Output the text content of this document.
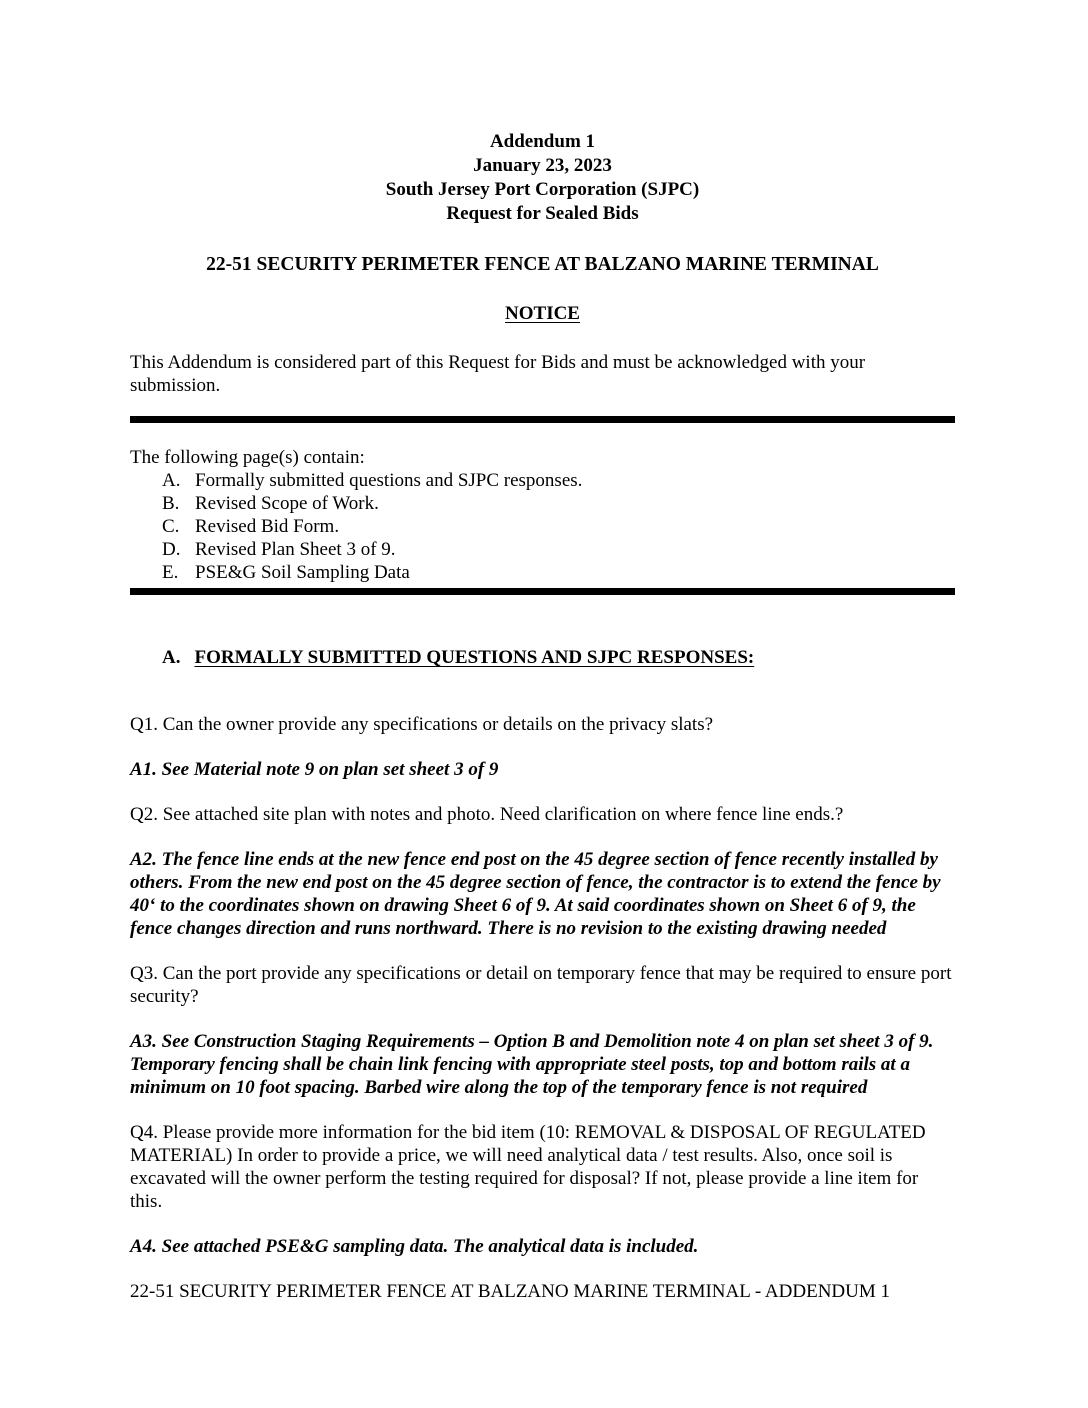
Addendum 1
January 23, 2023
South Jersey Port Corporation (SJPC)
Request for Sealed Bids
22-51 SECURITY PERIMETER FENCE AT BALZANO MARINE TERMINAL
NOTICE

This Addendum is considered part of this Request for Bids and must be acknowledged with your submission.

The following page(s) contain:
A. Formally submitted questions and SJPC responses.
B. Revised Scope of Work.
C. Revised Bid Form.
D. Revised Plan Sheet 3 of 9.
E. PSE&G Soil Sampling Data
A. FORMALLY SUBMITTED QUESTIONS AND SJPC RESPONSES:

Q1. Can the owner provide any specifications or details on the privacy slats?

A1. See Material note 9 on plan set sheet 3 of 9

Q2. See attached site plan with notes and photo. Need clarification on where fence line ends.?

A2. The fence line ends at the new fence end post on the 45 degree section of fence recently installed by others. From the new end post on the 45 degree section of fence, the contractor is to extend the fence by 40‘ to the coordinates shown on drawing Sheet 6 of 9. At said coordinates shown on Sheet 6 of 9, the fence changes direction and runs northward. There is no revision to the existing drawing needed

Q3. Can the port provide any specifications or detail on temporary fence that may be required to ensure port security?

A3. See Construction Staging Requirements – Option B and Demolition note 4 on plan set sheet 3 of 9. Temporary fencing shall be chain link fencing with appropriate steel posts, top and bottom rails at a minimum on 10 foot spacing. Barbed wire along the top of the temporary fence is not required

Q4. Please provide more information for the bid item (10: REMOVAL & DISPOSAL OF REGULATED MATERIAL) In order to provide a price, we will need analytical data / test results. Also, once soil is excavated will the owner perform the testing required for disposal? If not, please provide a line item for this.

A4. See attached PSE&G sampling data. The analytical data is included.

22-51 SECURITY PERIMETER FENCE AT BALZANO MARINE TERMINAL - ADDENDUM 1
